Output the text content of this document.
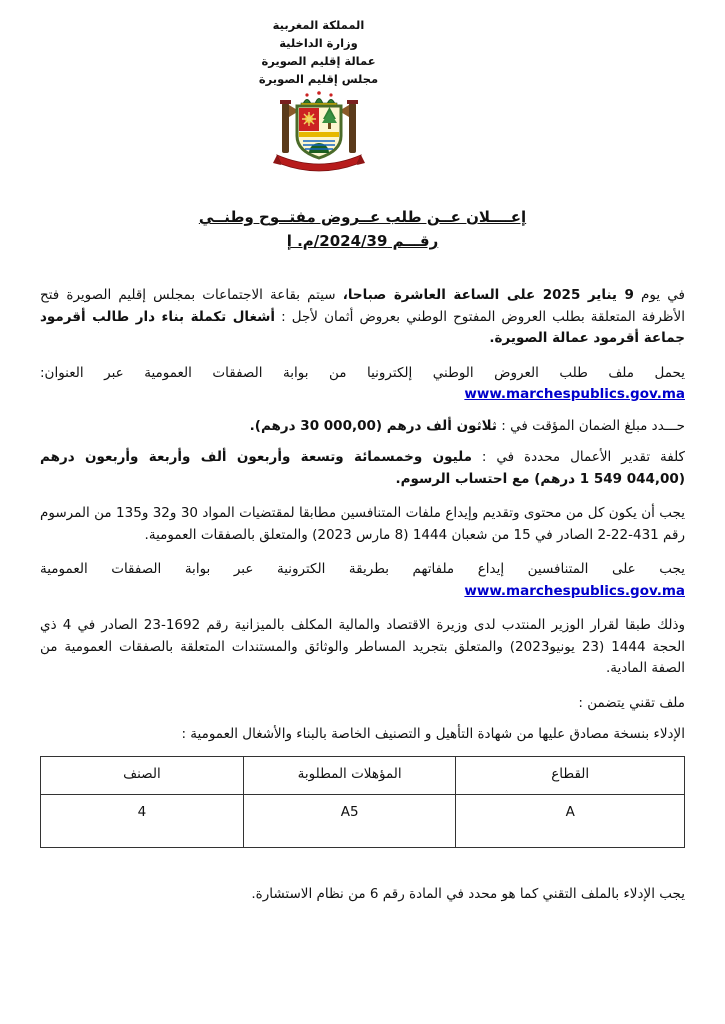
المملكة المغربية
وزارة الداخلية
عمالة إقليم الصويرة
مجلس إقليم الصويرة
إعــــلان عــن طلب عــروض مفتــوح وطنــي
رقـــم 2024/39/م. إ

في يوم 9 يناير 2025 على الساعة العاشرة صباحا، سيتم بقاعة الاجتماعات بمجلس إقليم الصويرة فتح الأظرفة المتعلقة بطلب العروض المفتوح الوطني بعروض أثمان لأجل : أشغال تكملة بناء دار طالب أقرمود جماعة أقرمود عمالة الصويرة.

يحمل ملف طلب العروض الوطني إلكترونيا من بوابة الصفقات العمومية عبر العنوان: www.marchespublics.gov.ma

حـــدد مبلغ الضمان المؤقت في : ثلاثون ألف درهم (30 000,00 درهم).

كلفة تقدير الأعمال محددة في : مليون وخمسمائة وتسعة وأربعون ألف وأربعة وأربعون درهم (1 549 044,00 درهم) مع احتساب الرسوم.

يجب أن يكون كل من محتوى وتقديم وإيداع ملفات المتنافسين مطابقا لمقتضيات المواد 30 و32 و135 من المرسوم رقم 2-22-431 الصادر في 15 من شعبان 1444 (8 مارس 2023) والمتعلق بالصفقات العمومية.

يجب على المتنافسين إيداع ملفاتهم بطريقة الكترونية عبر بوابة الصفقات العمومية www.marchespublics.gov.ma

وذلك طبقا لقرار الوزير المنتدب لدى وزيرة الاقتصاد والمالية المكلف بالميزانية رقم 23-1692 الصادر في 4 ذي الحجة 1444 (23 يونيو2023) والمتعلق بتجريد المساطر والوثائق والمستندات المتعلقة بالصفقات العمومية من الصفة المادية.

ملف تقني يتضمن :

الإدلاء بنسخة مصادق عليها من شهادة التأهيل و التصنيف الخاصة بالبناء والأشغال العمومية :

القطاع	المؤهلات المطلوبة	الصنف
A	A5	4

يجب الإدلاء بالملف التقني كما هو محدد في المادة رقم 6 من نظام الاستشارة.
